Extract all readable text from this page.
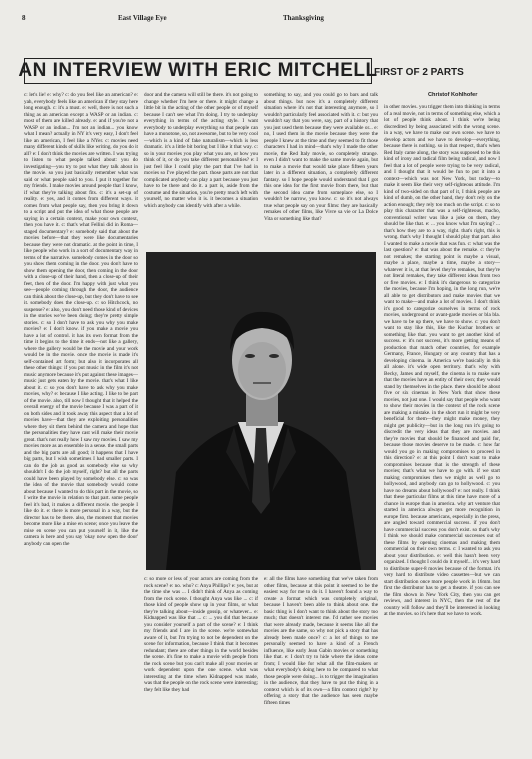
8	East Village Eye	Thanksgiving
AN INTERVIEW WITH ERIC MITCHELL
FIRST OF 2 PARTS
Christof Kohlhofer

c: let's lie! e: why? c: do you feel like an american? e: yah, everybody feels like an american if they stay here long enough. c: it's a must. e: well, there is not such a thing as an american except a WASP or an indian. c: most of them are killed already. e: and if you're not a WASP or an indian... I'm not an indian... you know what I mean? actually in NY it's very easy, I don't feel like an american, I feel like a NYer. c: movies need many different kinds of skills like writing. do you do it all? e: I don't think the movies are written. I was trying to listen to what people talked about: you do investigating—you try to put what they talk about in the movie. so you just basically remember what was said or what people said to you. I put it together for my friends. I make movies around people that I know, if what they're talking about fits. c: it's a set-up of reality. e: yes, and it comes from different ways. it comes from what people say, then you bring it down to a script and put the idea of what those people are saying in a certain context, make your own context, then you have it. c: that's what Fellini did in Roma—staged documentary? e: somebody said that about the movies before—that they were like documentaries because they were not dramatic. at the point in time, I like people who work in a sort of documentary way in terms of the narrative. somebody comes in the door so you show them coming in the door. you don't have to show them opening the door, then coming in the door with a close-up of their hand, then a close-up of their feet, then of the door. I'm happy with just what you see—people coming through the door, the audience can think about the close-up, but they don't have to see it. somebody does the close-up. c: so Hitchcock, no suspense? e: also, you don't need those kind of devices in the stories we've been doing; they're pretty simple stories. c: so I don't have to ask you why you make movies? e: I don't know. if you make a movie you have a lot of control. it has its own format from the time it begins to the time it ends—not like a gallery, where the gallery would be the movie and your work would be in the movie. once the movie is made it's self-contained art form; but also it incorporates all these other things: if you put music in the film it's not music anymore because it's put against these images—music just gets eaten by the movie. that's what I like about it. c: so you don't have to ask why you make movies, why? e: because I like acting. I like to be part of the movie. also, till now I thought that it helped the overall energy of the movie because I was a part of it on both sides and it took away this aspect that a lot of movies have—that they are exploiting personalities where they sit them behind the camera and hope that the personalities they have cast will make their movie great. that's not really how I saw my movies. I saw my movies more as an ensemble in a sense. the small parts and the big parts are all good; it happens that I have big parts, but I wish sometimes I had smaller parts. I can do the job as good as somebody else so why shouldn't I do the job myself, right? but all the parts could have been played by somebody else. c: so was the idea of the movie that somebody would come about because I wanted to do this part in the movie, so I write the movie in relation to that part. some people feel it's bad, it makes a different movie. the people I like do it. e: there is more personal in a way, but the director has to be there. also, the moment that movies become more like a mise en scene; once you leave the mise en scene you can put yourself in it, like the camera is here and you say 'okay now open the door' anybody can open the

door and the camera will still be there. it's not going to change whether I'm here or there. it might change a little bit in the acting of the other people or of myself because I can't see what I'm doing. I try to underplay everything in terms of the acting style. I want everybody to underplay everything so that people can have a monotone, so, not awesome, but to be very cool—which is a kind of fake naturalism—which is less dramatic. it's a little bit boring but I like it that way. c: so in your movies you play what you are, or how you think of it, or do you take different personalities? e: I just feel like I could play the part that I've had in movies so I've played the part. those parts are not that complicated anybody can play a part because you just have to be there and do it. a part is, aside from the costume and the situation, you're pretty much left with yourself, no matter who it is. it becomes a situation which anybody can identify with after a while.

something to say, and you could go to bars and talk about things. but now it's a completely different situation where it's not that interesting anymore, so I wouldn't particularly feel associated with it. c: but you wouldn't say that you were, say, part of a history that you just used them because they were available or... e: no, I used them in the movie because they were the people I knew at the time and they seemed to fit those characters I had in mind—that's why I made the other movie, the Red Italy movie, so completely strange. even I didn't want to make the same movie again, but to make a movie that would take place fifteen years later in a different situation, a completely different fantasy. so I hope people would understand that I got this one idea for the first movie from there, but that the second idea came from someplace else, so I wouldn't be narrow, you know. c: so it's not always true what people say on your films: they are basically remakes of other films, like Vivre sa vie or La Dolce Vita or something like that?

in other movies. you trigger them into thinking in terms of a real movie, not in terms of something else, which a lot of people think about. I think we're being discredited by being associated with the wrong scene. in a way, we have to make our own scene. we have to develop actors and we have to develop—everything, because there is nothing. so in that respect, that's when Red Italy came along, the story was supposed to be this kind of irony and radical film being radical, and now I feel that a lot of people were trying to be very radical, and I thought that it would be fun to put it into a context—which was not New York, but today—to make it seem like their very self-righteous attitude. I'm kind of two-sided on that part of it, I think people are kind of dumb, on the other hand, they don't rely on the action enough; they rely too much on the script. c: so to play this character that was a self-righteous, macho, conventional writer was like a joke on them, they should be like that. e: ... you know what I'm saying? ... that's how they are to a way, right. that's right, this is wrong. that's why I thought I should play that part. also I wanted to make a movie that was fun. c: what was the last question? e: that was about the remake. c: they're not remakes; the starting point is maybe a visual, maybe a place, maybe a time, maybe a story—whatever it is, at that level they're remakes, but they're not literal remakes, they take different ideas from two or five movies. e: I think it's dangerous to categorize the movies, because I'm hoping, in the long run, we're all able to get distributors and make movies that we want to make—and make a lot of movies. I don't think it's good to categorize ourselves in terms of rock movies, underground or avant-garde movies or bla bla. we have to be up there, we have to show. c: you don't want to stay like this, like the Kuchar brothers or something like that. you want to get another kind of success. e: it's not success, it's more getting means of production that match other countries, for example Germany, France, Hungary or any country that has a developing cinema. in America we're basically in this all alone. it's wide open territory. that's why with Becky, James and myself, the cinema is to make sure that the movies have an entity of their own; they would stand by themselves in the place. there should be about five or six cinemas in New York that show these movies, not just one. I would say that people who want to show their movies in the context of the rock scene are making a mistake. in the short run it might be very beneficial for them—they might make money, they might get publicity—but in the long run it's going to discredit the very ideas that they are movies. and they're movies that should be financed and paid for, because those movies deserve to be made. c: how far would you go in making compromises to proceed in this direction? e: at this point I don't want to make compromises because that is the strength of these movies; that's what we have to go with. if we start making compromises then we might as well go to hollywood, and anybody can go to hollywood. c: you have no dreams about hollywood? e: not really. I think that these particular films at this time have more of a chance in europe than in america. why art venture that started in america always get more recognition in europe first. because americans, especially in the press, are angled toward commercial success. if you don't have commercial success you don't exist. so that's why I think we should make commercial successes out of these films by opening cinemas and making them commercial on their own terms. c: I wanted to ask you about your distribution. e: well this hasn't been very organized. I thought I could do it myself... it's very hard to distribute super-8 movies because of the format. it's very hard to distribute video cassettes—but we can start distribution once more people work in 16mm. but first the distributor has to get a theatre. if you can see the film shown in New York City, then you can get reviews, and interest in NYC, then the rest of the country will follow and they'll be interested in looking at the movies. so it's here that we have to work.

c: so more or less of your actors are coming from the rock scene? e: no. who? c: Anya Phillips? e: yes, but at the time she was ... I didn't think of Anya as coming from the rock scene. I thought Anya was like ... c: if those kind of people show up in your films, or what they're talking about—inside gossip, or whatever... e: Kidnapped was like that ... c: ... you did that because you consider yourself a part of the scene? e: I think my friends and I are in the scene. we're somewhat aware of it, but I'm trying to not be dependent on the scene for information, because I think that it becomes redundant; there are other things in the world besides the scene. it's fine to make a movie with people from the rock scene but you can't make all your movies or work dependent upon the one scene. what was interesting at the time when Kidnapped was made, was that the people on the rock scene were interesting; they felt like they had

e: all the films have something that we've taken from other films, because at this point it seemed to be the easiest way for me to do it. I haven't found a way to create a format which was completely original, because I haven't been able to think about one. the basic thing is I don't want to think about the story too much; that doesn't interest me. I'd rather see movies that were already made, because it seems like all the movies are the same, so why not pick a story that has already been made once? c: a lot of things to me personally seemed to have a kind of a French influence, like early Jean Gabin movies or something like that. e: I don't try to hide where the ideas come from; I would like for what all the film-makers or what everybody's doing here to be compared to what those people were doing... is to trigger the imagination in the audience, that they have to put the thing in a context which is of its own—a film context right? by offering a story that the audience has seen maybe fifteen times
